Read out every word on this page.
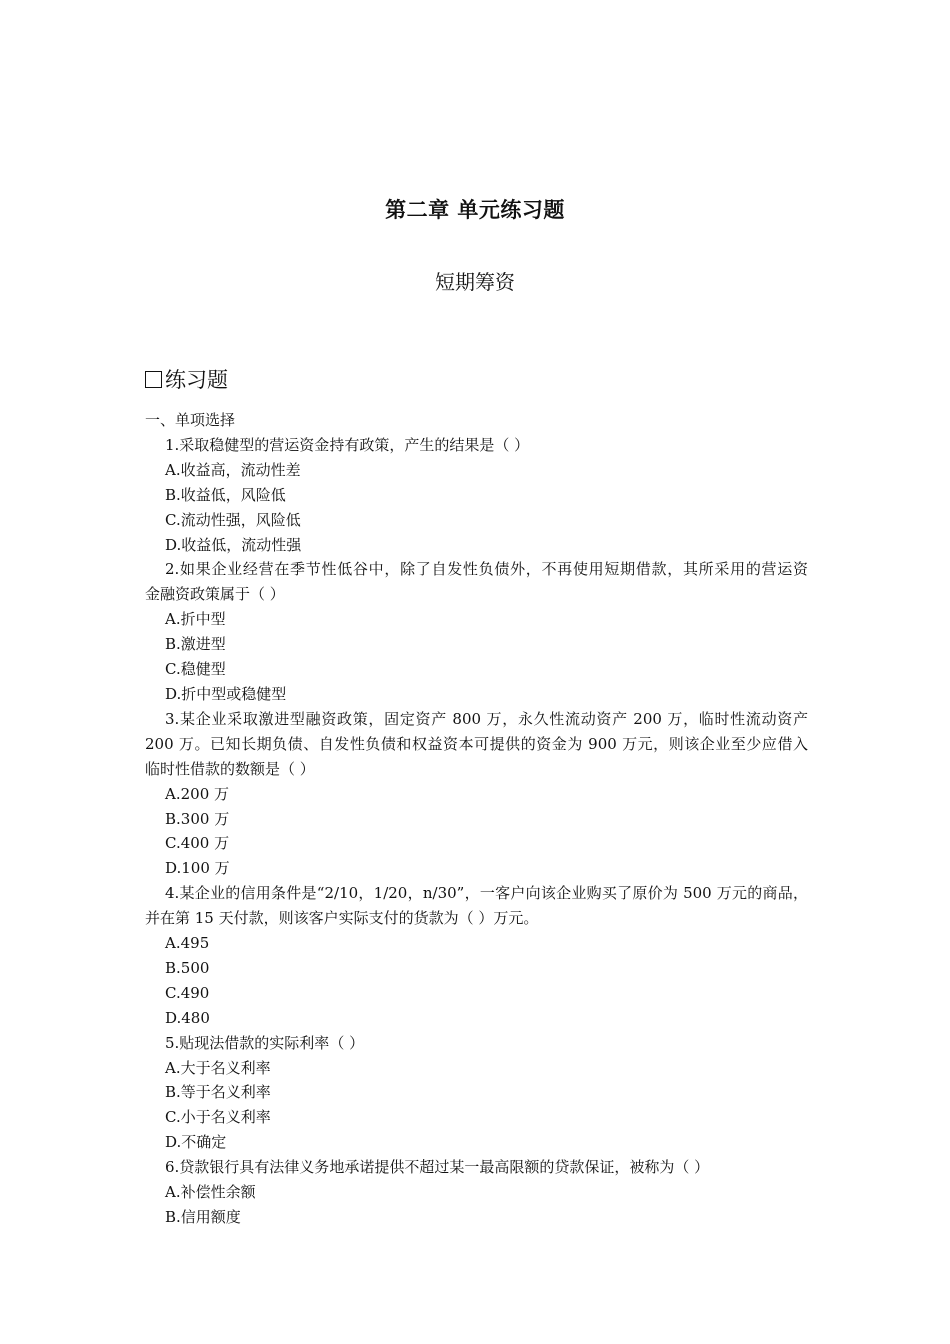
第二章 单元练习题
短期筹资
练习题
一、单项选择
1.采取稳健型的营运资金持有政策，产生的结果是（ ）
A.收益高，流动性差
B.收益低，风险低
C.流动性强，风险低
D.收益低，流动性强
2.如果企业经营在季节性低谷中，除了自发性负债外，不再使用短期借款，其所采用的营运资
金融资政策属于（ ）
A.折中型
B.激进型
C.稳健型
D.折中型或稳健型
3.某企业采取激进型融资政策，固定资产 800 万，永久性流动资产 200 万，临时性流动资产
200 万。已知长期负债、自发性负债和权益资本可提供的资金为 900 万元，则该企业至少应借入
临时性借款的数额是（ ）
A.200 万
B.300 万
C.400 万
D.100 万
4.某企业的信用条件是“2/10，1/20，n/30”，一客户向该企业购买了原价为 500 万元的商品，
并在第 15 天付款，则该客户实际支付的货款为（ ）万元。
A.495
B.500
C.490
D.480
5.贴现法借款的实际利率（ ）
A.大于名义利率
B.等于名义利率
C.小于名义利率
D.不确定
6.贷款银行具有法律义务地承诺提供不超过某一最高限额的贷款保证，被称为（ ）
A.补偿性余额
B.信用额度
